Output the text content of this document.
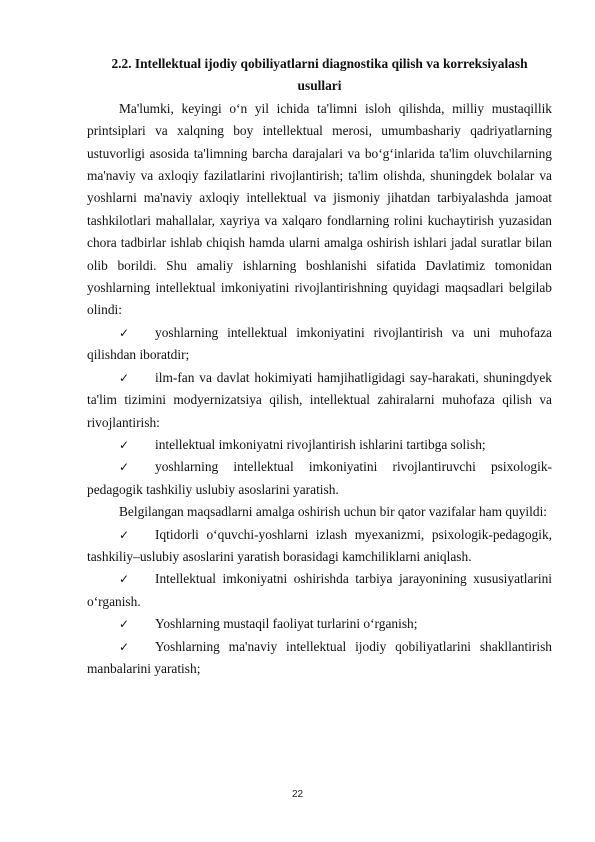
2.2. Intellektual ijodiy qobiliyatlarni diagnostika qilish va korreksiyalash
usullari

Ma'lumki, keyingi o‘n yil ichida ta'limni isloh qilishda, milliy mustaqillik printsiplari va xalqning boy intellektual merosi, umumbashariy qadriyatlarning ustuvorligi asosida ta'limning barcha darajalari va bo‘g‘inlarida ta'lim oluvchilarning ma'naviy va axloqiy fazilatlarini rivojlantirish; ta'lim olishda, shuningdek bolalar va yoshlarni ma'naviy axloqiy intellektual va jismoniy jihatdan tarbiyalashda jamoat tashkilotlari mahallalar, xayriya va xalqaro fondlarning rolini kuchaytirish yuzasidan chora tadbirlar ishlab chiqish hamda ularni amalga oshirish ishlari jadal suratlar bilan olib borildi. Shu amaliy ishlarning boshlanishi sifatida Davlatimiz tomonidan yoshlarning intellektual imkoniyatini rivojlantirishning quyidagi maqsadlari belgilab olindi:

✓ yoshlarning intellektual imkoniyatini rivojlantirish va uni muhofaza qilishdan iboratdir;

✓ ilm-fan va davlat hokimiyati hamjihatligidagi say-harakati, shuningdyek ta'lim tizimini modyernizatsiya qilish, intellektual zahiralarni muhofaza qilish va rivojlantirish:

✓ intellektual imkoniyatni rivojlantirish ishlarini tartibga solish;

✓ yoshlarning intellektual imkoniyatini rivojlantiruvchi psixologik-pedagogik tashkiliy uslubiy asoslarini yaratish.

Belgilangan maqsadlarni amalga oshirish uchun bir qator vazifalar ham quyildi:

✓ Iqtidorli o‘quvchi-yoshlarni izlash myexanizmi, psixologik-pedagogik, tashkiliy–uslubiy asoslarini yaratish borasidagi kamchiliklarni aniqlash.

✓ Intellektual imkoniyatni oshirishda tarbiya jarayonining xususiyatlarini o‘rganish.

✓ Yoshlarning mustaqil faoliyat turlarini o‘rganish;

✓ Yoshlarning ma'naviy intellektual ijodiy qobiliyatlarini shakllantirish manbalarini yaratish;

22
